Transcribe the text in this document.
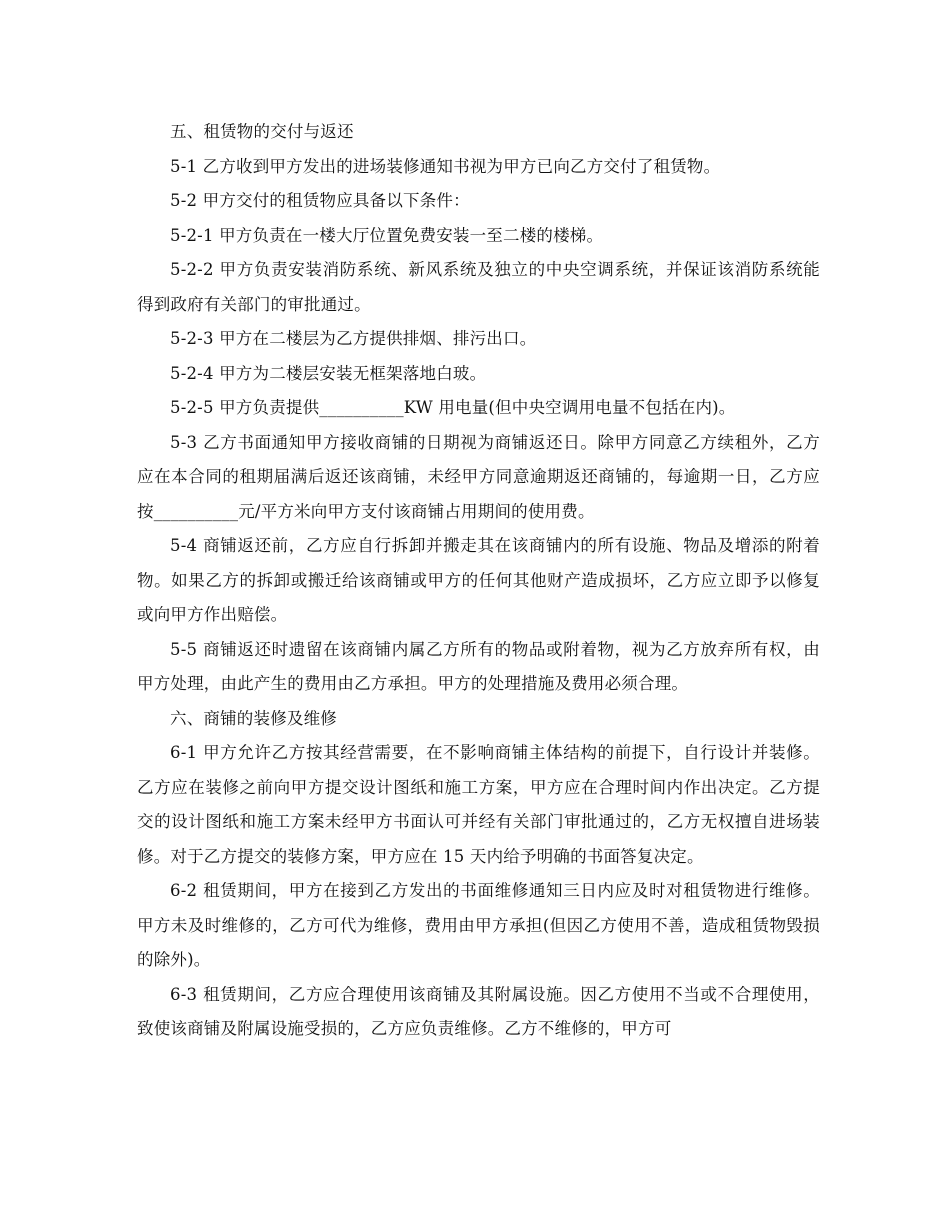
五、租赁物的交付与返还

5-1 乙方收到甲方发出的进场装修通知书视为甲方已向乙方交付了租赁物。

5-2 甲方交付的租赁物应具备以下条件：

5-2-1 甲方负责在一楼大厅位置免费安装一至二楼的楼梯。

5-2-2 甲方负责安装消防系统、新风系统及独立的中央空调系统，并保证该消防系统能得到政府有关部门的审批通过。

5-2-3 甲方在二楼层为乙方提供排烟、排污出口。

5-2-4 甲方为二楼层安装无框架落地白玻。

5-2-5 甲方负责提供__________KW 用电量(但中央空调用电量不包括在内)。

5-3 乙方书面通知甲方接收商铺的日期视为商铺返还日。除甲方同意乙方续租外，乙方应在本合同的租期届满后返还该商铺，未经甲方同意逾期返还商铺的，每逾期一日，乙方应按__________元/平方米向甲方支付该商铺占用期间的使用费。

5-4 商铺返还前，乙方应自行拆卸并搬走其在该商铺内的所有设施、物品及增添的附着物。如果乙方的拆卸或搬迁给该商铺或甲方的任何其他财产造成损坏，乙方应立即予以修复或向甲方作出赔偿。

5-5 商铺返还时遗留在该商铺内属乙方所有的物品或附着物，视为乙方放弃所有权，由甲方处理，由此产生的费用由乙方承担。甲方的处理措施及费用必须合理。

六、商铺的装修及维修

6-1 甲方允许乙方按其经营需要，在不影响商铺主体结构的前提下，自行设计并装修。乙方应在装修之前向甲方提交设计图纸和施工方案，甲方应在合理时间内作出决定。乙方提交的设计图纸和施工方案未经甲方书面认可并经有关部门审批通过的，乙方无权擅自进场装修。对于乙方提交的装修方案，甲方应在 15 天内给予明确的书面答复决定。

6-2 租赁期间，甲方在接到乙方发出的书面维修通知三日内应及时对租赁物进行维修。甲方未及时维修的，乙方可代为维修，费用由甲方承担(但因乙方使用不善，造成租赁物毁损的除外)。

6-3 租赁期间，乙方应合理使用该商铺及其附属设施。因乙方使用不当或不合理使用，致使该商铺及附属设施受损的，乙方应负责维修。乙方不维修的，甲方可
